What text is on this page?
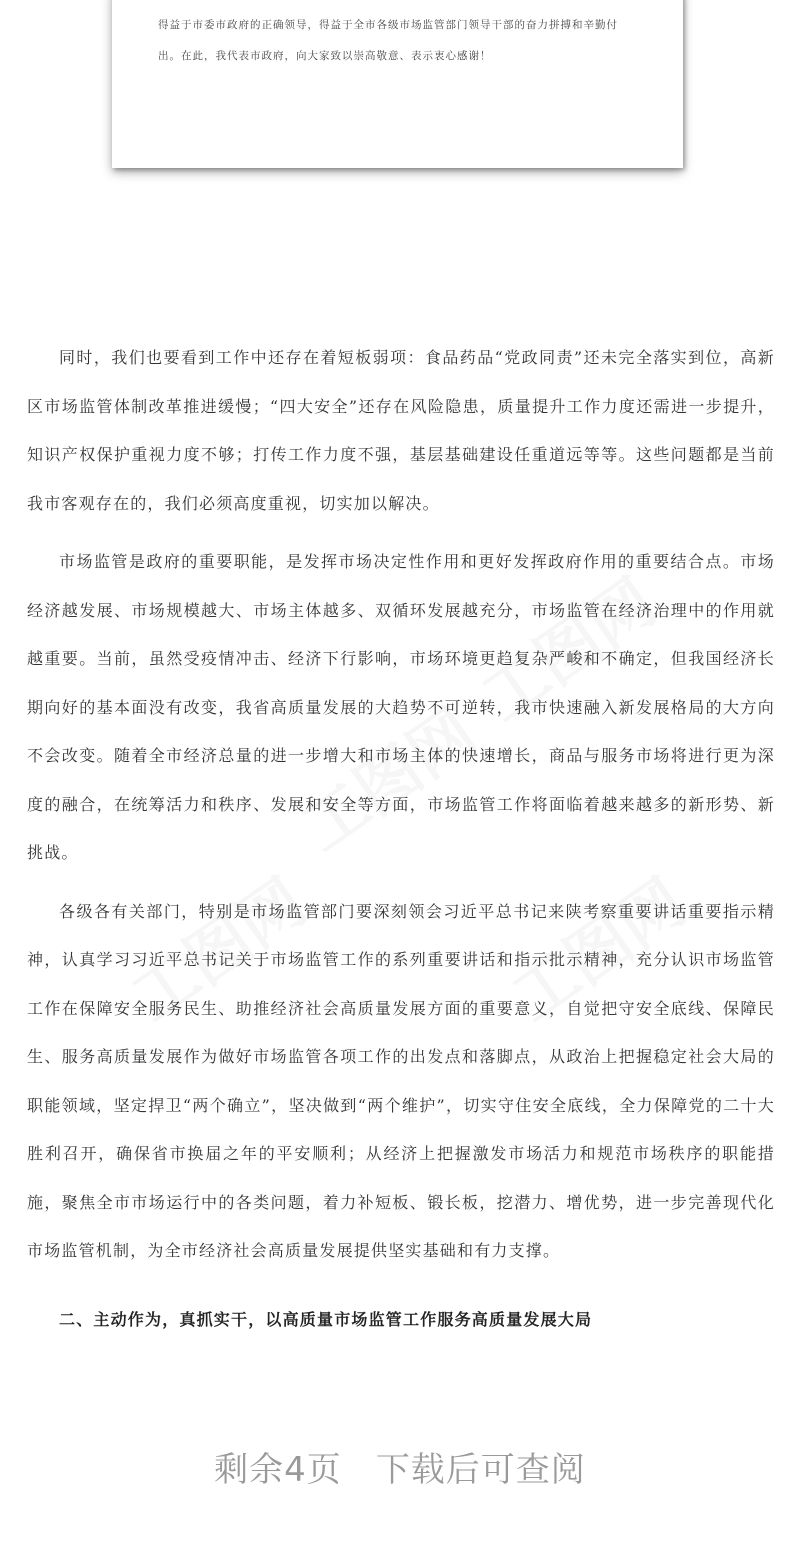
得益于市委市政府的正确领导，得益于全市各级市场监管部门领导干部的奋力拼搏和辛勤付

出。在此，我代表市政府，向大家致以崇高敬意、表示衷心感谢！

同时，我们也要看到工作中还存在着短板弱项：食品药品“党政同责”还未完全落实到位，高新区市场监管体制改革推进缓慢；“四大安全”还存在风险隐患，质量提升工作力度还需进一步提升，知识产权保护重视力度不够；打传工作力度不强，基层基础建设任重道远等等。这些问题都是当前我市客观存在的，我们必须高度重视，切实加以解决。

市场监管是政府的重要职能，是发挥市场决定性作用和更好发挥政府作用的重要结合点。市场经济越发展、市场规模越大、市场主体越多、双循环发展越充分，市场监管在经济治理中的作用就越重要。当前，虽然受疫情冲击、经济下行影响，市场环境更趋复杂严峻和不确定，但我国经济长期向好的基本面没有改变，我省高质量发展的大趋势不可逆转，我市快速融入新发展格局的大方向不会改变。随着全市经济总量的进一步增大和市场主体的快速增长，商品与服务市场将进行更为深度的融合，在统筹活力和秩序、发展和安全等方面，市场监管工作将面临着越来越多的新形势、新挑战。

各级各有关部门，特别是市场监管部门要深刻领会习近平总书记来陕考察重要讲话重要指示精神，认真学习习近平总书记关于市场监管工作的系列重要讲话和指示批示精神，充分认识市场监管工作在保障安全服务民生、助推经济社会高质量发展方面的重要意义，自觉把守安全底线、保障民生、服务高质量发展作为做好市场监管各项工作的出发点和落脚点，从政治上把握稳定社会大局的职能领域，坚定捍卫“两个确立”，坚决做到“两个维护”，切实守住安全底线，全力保障党的二十大胜利召开，确保省市换届之年的平安顺利；从经济上把握激发市场活力和规范市场秩序的职能措施，聚焦全市市场运行中的各类问题，着力补短板、锻长板，挖潜力、增优势，进一步完善现代化市场监管机制，为全市经济社会高质量发展提供坚实基础和有力支撑。

二、主动作为，真抓实干，以高质量市场监管工作服务高质量发展大局

剩余4页 下载后可查阅
